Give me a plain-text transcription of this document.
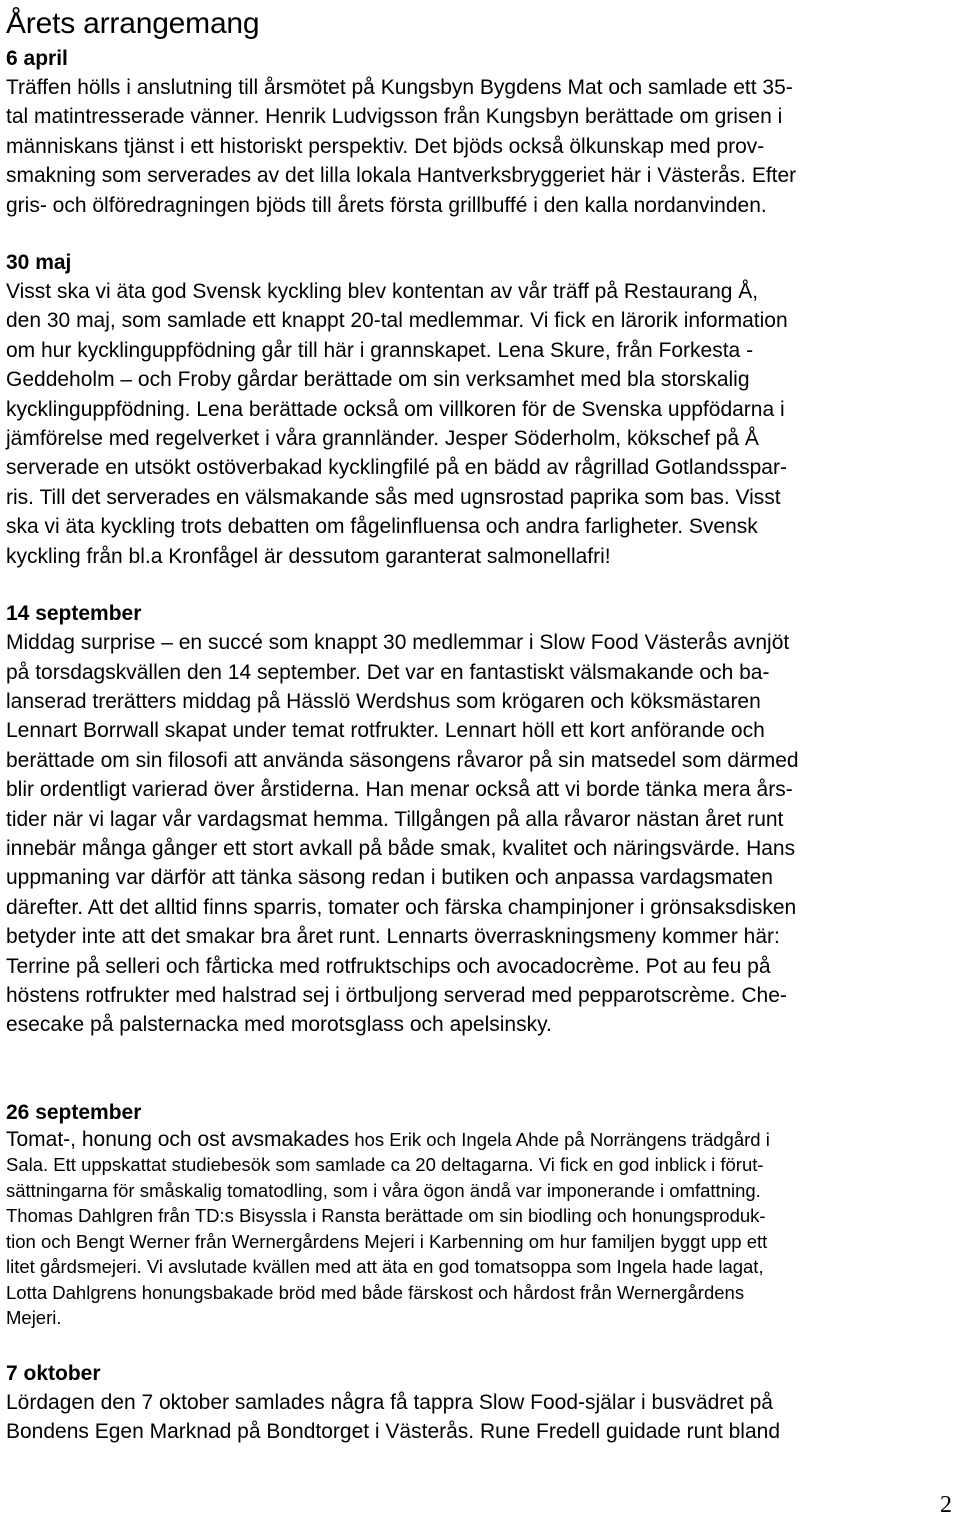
Årets arrangemang
6 april

Träffen hölls i anslutning till årsmötet på Kungsbyn Bygdens Mat och samlade ett 35-
tal matintresserade vänner. Henrik Ludvigsson från Kungsbyn berättade om grisen i
människans tjänst i ett historiskt perspektiv. Det bjöds också ölkunskap med prov-
smakning som serverades av det lilla lokala Hantverksbryggeriet här i Västerås. Efter
gris- och ölföredragningen bjöds till årets första grillbuffé i den kalla nordanvinden.

30 maj

Visst ska vi äta god Svensk kyckling blev kontentan av vår träff på Restaurang Å,
den 30 maj, som samlade ett knappt 20-tal medlemmar. Vi fick en lärorik information
om hur kycklinguppfödning går till här i grannskapet. Lena Skure, från Forkesta -
Geddeholm – och Froby gårdar berättade om sin verksamhet med bla storskalig
kycklinguppfödning. Lena berättade också om villkoren för de Svenska uppfödarna i
jämförelse med regelverket i våra grannländer. Jesper Söderholm, kökschef på Å
serverade en utsökt ostöverbakad kycklingfilé på en bädd av rågrillad Gotlandsspar-
ris. Till det serverades en välsmakande sås med ugnsrostad paprika som bas. Visst
ska vi äta kyckling trots debatten om fågelinfluensa och andra farligheter. Svensk
kyckling från bl.a Kronfågel är dessutom garanterat salmonellafri!

14 september

Middag surprise – en succé som knappt 30 medlemmar i Slow Food Västerås avnjöt
på torsdagskvällen den 14 september. Det var en fantastiskt välsmakande och ba-
lanserad trerätters middag på Hässlö Werdshus som krögaren och köksmästaren
Lennart Borrwall skapat under temat rotfrukter. Lennart höll ett kort anförande och
berättade om sin filosofi att använda säsongens råvaror på sin matsedel som därmed
blir ordentligt varierad över årstiderna. Han menar också att vi borde tänka mera års-
tider när vi lagar vår vardagsmat hemma. Tillgången på alla råvaror nästan året runt
innebär många gånger ett stort avkall på både smak, kvalitet och näringsvärde. Hans
uppmaning var därför att tänka säsong redan i butiken och anpassa vardagsmaten
därefter. Att det alltid finns sparris, tomater och färska champinjoner i grönsaksdisken
betyder inte att det smakar bra året runt. Lennarts överraskningsmeny kommer här:
Terrine på selleri och fårticka med rotfruktschips och avocadocrème. Pot au feu på
höstens rotfrukter med halstrad sej i örtbuljong serverad med pepparotscrème. Che-
esecake på palsternacka med morotsglass och apelsinsky.

26 september

Tomat-, honung och ost avsmakades hos Erik och Ingela Ahde på Norrängens trädgård i
Sala. Ett uppskattat studiebesök som samlade ca 20 deltagarna. Vi fick en god inblick i förut-
sättningarna för småskalig tomatodling, som i våra ögon ändå var imponerande i omfattning.
Thomas Dahlgren från TD:s Bisyssla i Ransta berättade om sin biodling och honungsproduk-
tion och Bengt Werner från Wernergårdens Mejeri i Karbenning om hur familjen byggt upp ett
litet gårdsmejeri. Vi avslutade kvällen med att äta en god tomatsoppa som Ingela hade lagat,
Lotta Dahlgrens honungsbakade bröd med både färskost och hårdost från Wernergårdens
Mejeri.

7 oktober

Lördagen den 7 oktober samlades några få tappra Slow Food-själar i busvädret på
Bondens Egen Marknad på Bondtorget i Västerås. Rune Fredell guidade runt bland

2
